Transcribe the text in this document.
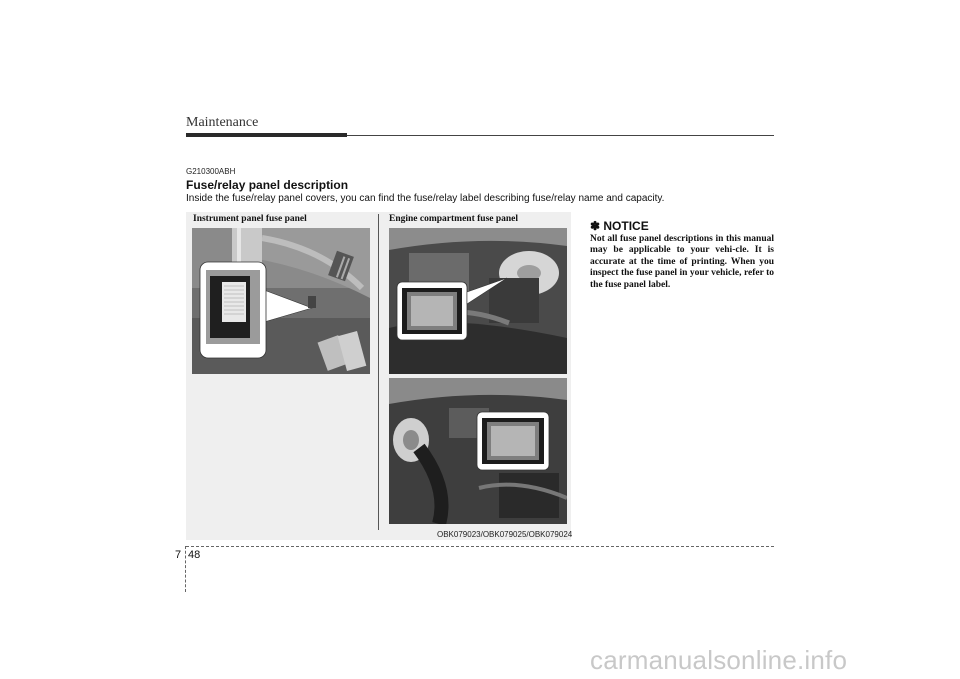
Maintenance
G210300ABH
Fuse/relay panel description
Inside the fuse/relay panel covers, you can find the fuse/relay label describing fuse/relay name and capacity.
Instrument panel fuse panel	Engine compartment fuse panel
OBK079023/OBK079025/OBK079024
✽ NOTICE
Not all fuse panel descriptions in this manual may be applicable to your vehi-cle. It is accurate at the time of printing. When you inspect the fuse panel in your vehicle, refer to the fuse panel label.
7 48
carmanualsonline.info
